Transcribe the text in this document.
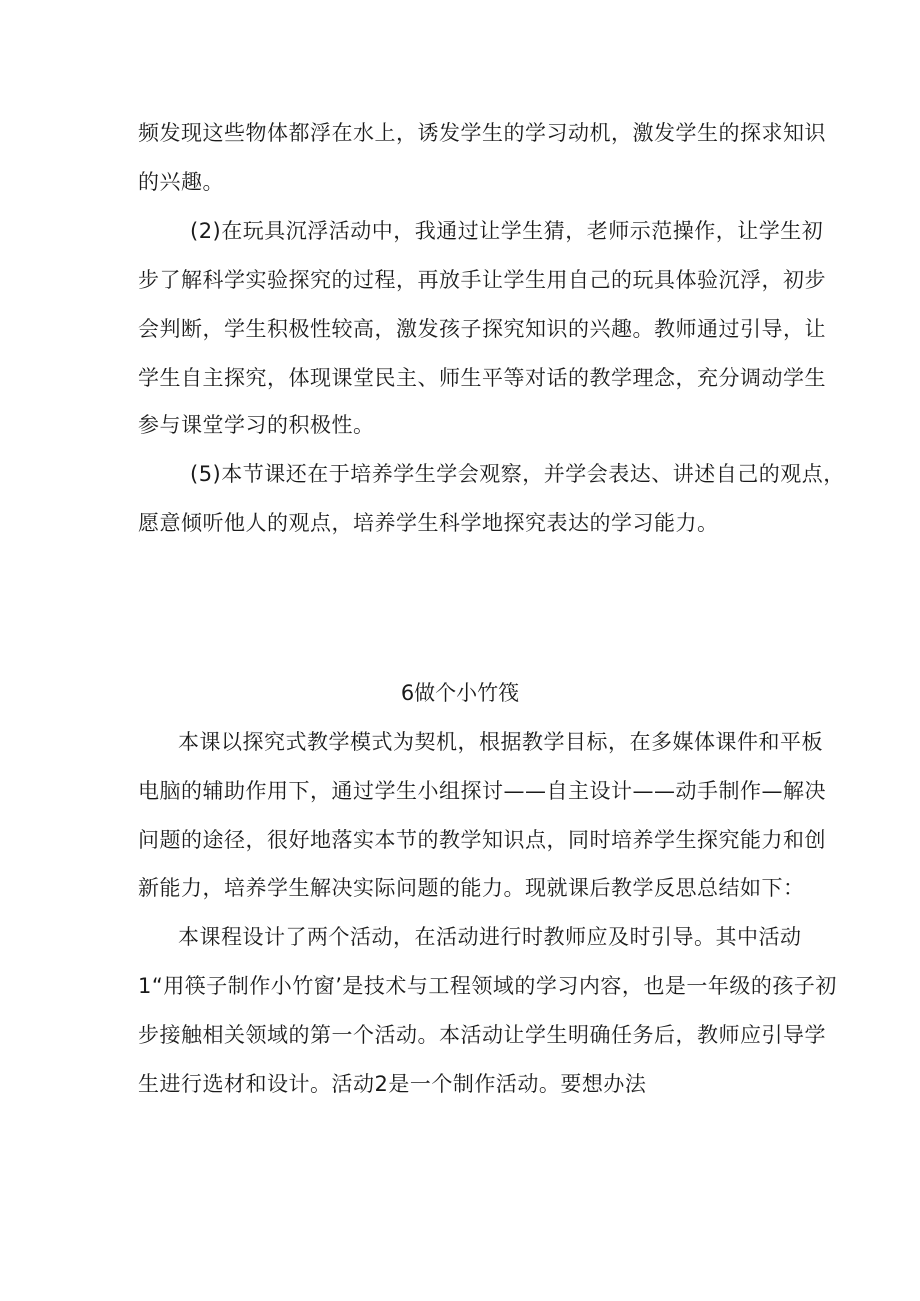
频发现这些物体都浮在水上，诱发学生的学习动机，激发学生的探求知识
的兴趣。
(2)在玩具沉浮活动中，我通过让学生猜，老师示范操作，让学生初
步了解科学实验探究的过程，再放手让学生用自己的玩具体验沉浮，初步
会判断，学生积极性较高，激发孩子探究知识的兴趣。教师通过引导，让
学生自主探究，体现课堂民主、师生平等对话的教学理念，充分调动学生
参与课堂学习的积极性。
(5)本节课还在于培养学生学会观察，并学会表达、讲述自己的观点，
愿意倾听他人的观点，培养学生科学地探究表达的学习能力。
6做个小竹筏
本课以探究式教学模式为契机，根据教学目标，在多媒体课件和平板
电脑的辅助作用下，通过学生小组探讨——自主设计——动手制作—解决
问题的途径，很好地落实本节的教学知识点，同时培养学生探究能力和创
新能力，培养学生解决实际问题的能力。现就课后教学反思总结如下：
本课程设计了两个活动，在活动进行时教师应及时引导。其中活动
1“用筷子制作小竹窗’是技术与工程领域的学习内容，也是一年级的孩子初
步接触相关领域的第一个活动。本活动让学生明确任务后，教师应引导学
生进行选材和设计。活动2是一个制作活动。要想办法
